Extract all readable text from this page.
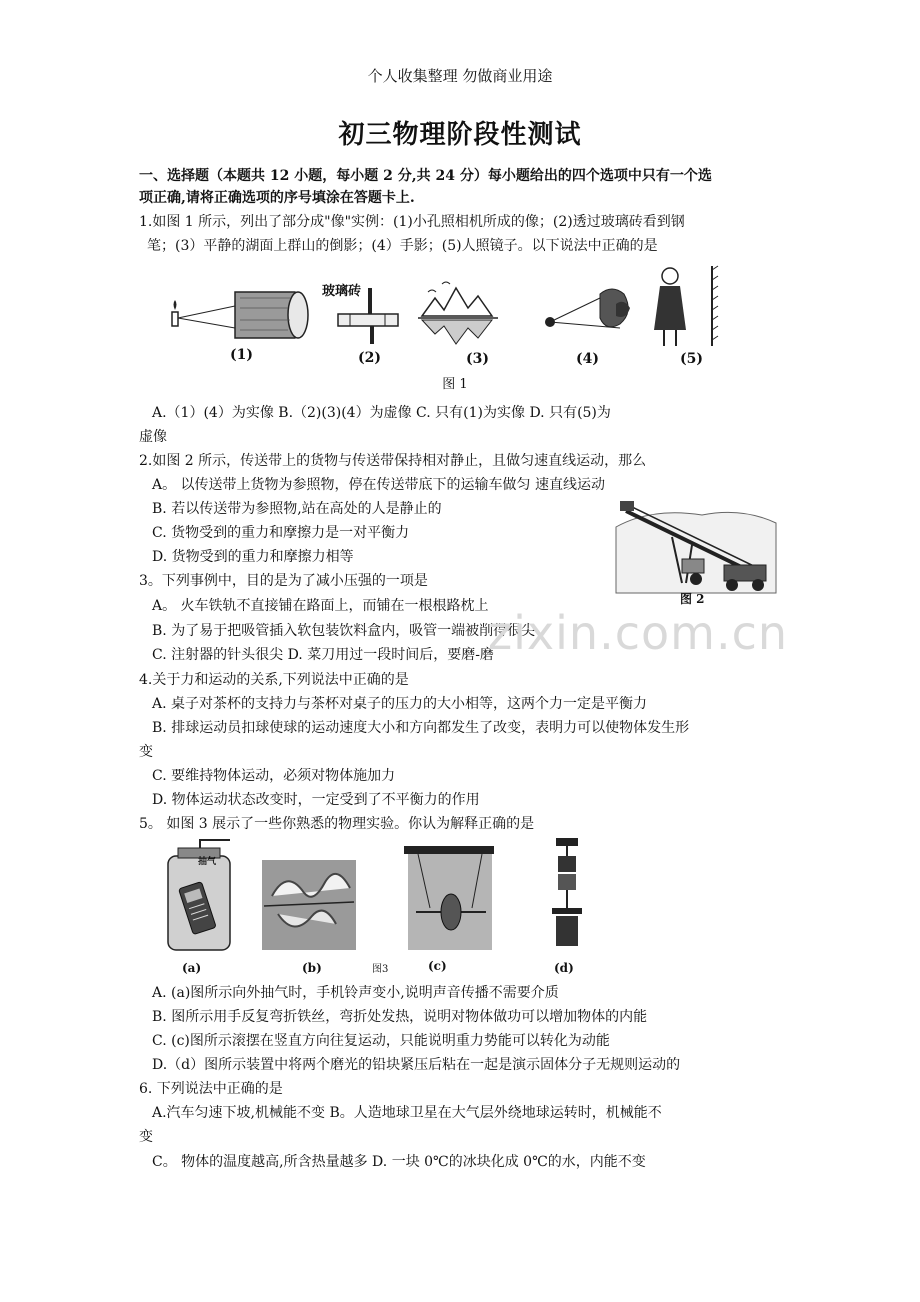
个人收集整理 勿做商业用途
初三物理阶段性测试
一、选择题（本题共 12 小题，每小题 2 分,共 24 分）每小题给出的四个选项中只有一个选
项正确,请将正确选项的序号填涂在答题卡上.
1.如图 1 所示，列出了部分成"像"实例：(1)小孔照相机所成的像；(2)透过玻璃砖看到钢
笔；(3）平静的湖面上群山的倒影；(4）手影；(5)人照镜子。以下说法中正确的是
玻璃砖
(1)	(2)	(3)	(4)	(5)
图 1
A.（1）(4）为实像 B.（2)(3)(4）为虚像 C. 只有(1)为实像 D. 只有(5)为
虚像
2.如图 2 所示，传送带上的货物与传送带保持相对静止，且做匀速直线运动，那么
A。 以传送带上货物为参照物，停在传送带底下的运输车做匀 速直线运动
B. 若以传送带为参照物,站在高处的人是静止的
C. 货物受到的重力和摩擦力是一对平衡力
D. 货物受到的重力和摩擦力相等
图 2
3。下列事例中，目的是为了减小压强的一项是
A。 火车铁轨不直接铺在路面上，而铺在一根根路枕上
B. 为了易于把吸管插入软包装饮料盒内，吸管一端被削得很尖
C. 注射器的针头很尖 D. 菜刀用过一段时间后，要磨-磨
4.关于力和运动的关系,下列说法中正确的是
A. 桌子对茶杯的支持力与茶杯对桌子的压力的大小相等，这两个力一定是平衡力
B. 排球运动员扣球使球的运动速度大小和方向都发生了改变，表明力可以使物体发生形
变
C. 要维持物体运动，必须对物体施加力
D. 物体运动状态改变时，一定受到了不平衡力的作用
5。 如图 3 展示了一些你熟悉的物理实验。你认为解释正确的是
(a)
抽气
(b)	图3	(c)	(d)
A. (a)图所示向外抽气时，手机铃声变小,说明声音传播不需要介质
B. 图所示用手反复弯折铁丝，弯折处发热，说明对物体做功可以增加物体的内能
C. (c)图所示滚摆在竖直方向往复运动，只能说明重力势能可以转化为动能
D.（d）图所示装置中将两个磨光的铅块紧压后粘在一起是演示固体分子无规则运动的
6. 下列说法中正确的是
A.汽车匀速下坡,机械能不变 B。人造地球卫星在大气层外绕地球运转时，机械能不
变
C。 物体的温度越高,所含热量越多 D. 一块 0℃的冰块化成 0℃的水，内能不变
zixin.com.cn
